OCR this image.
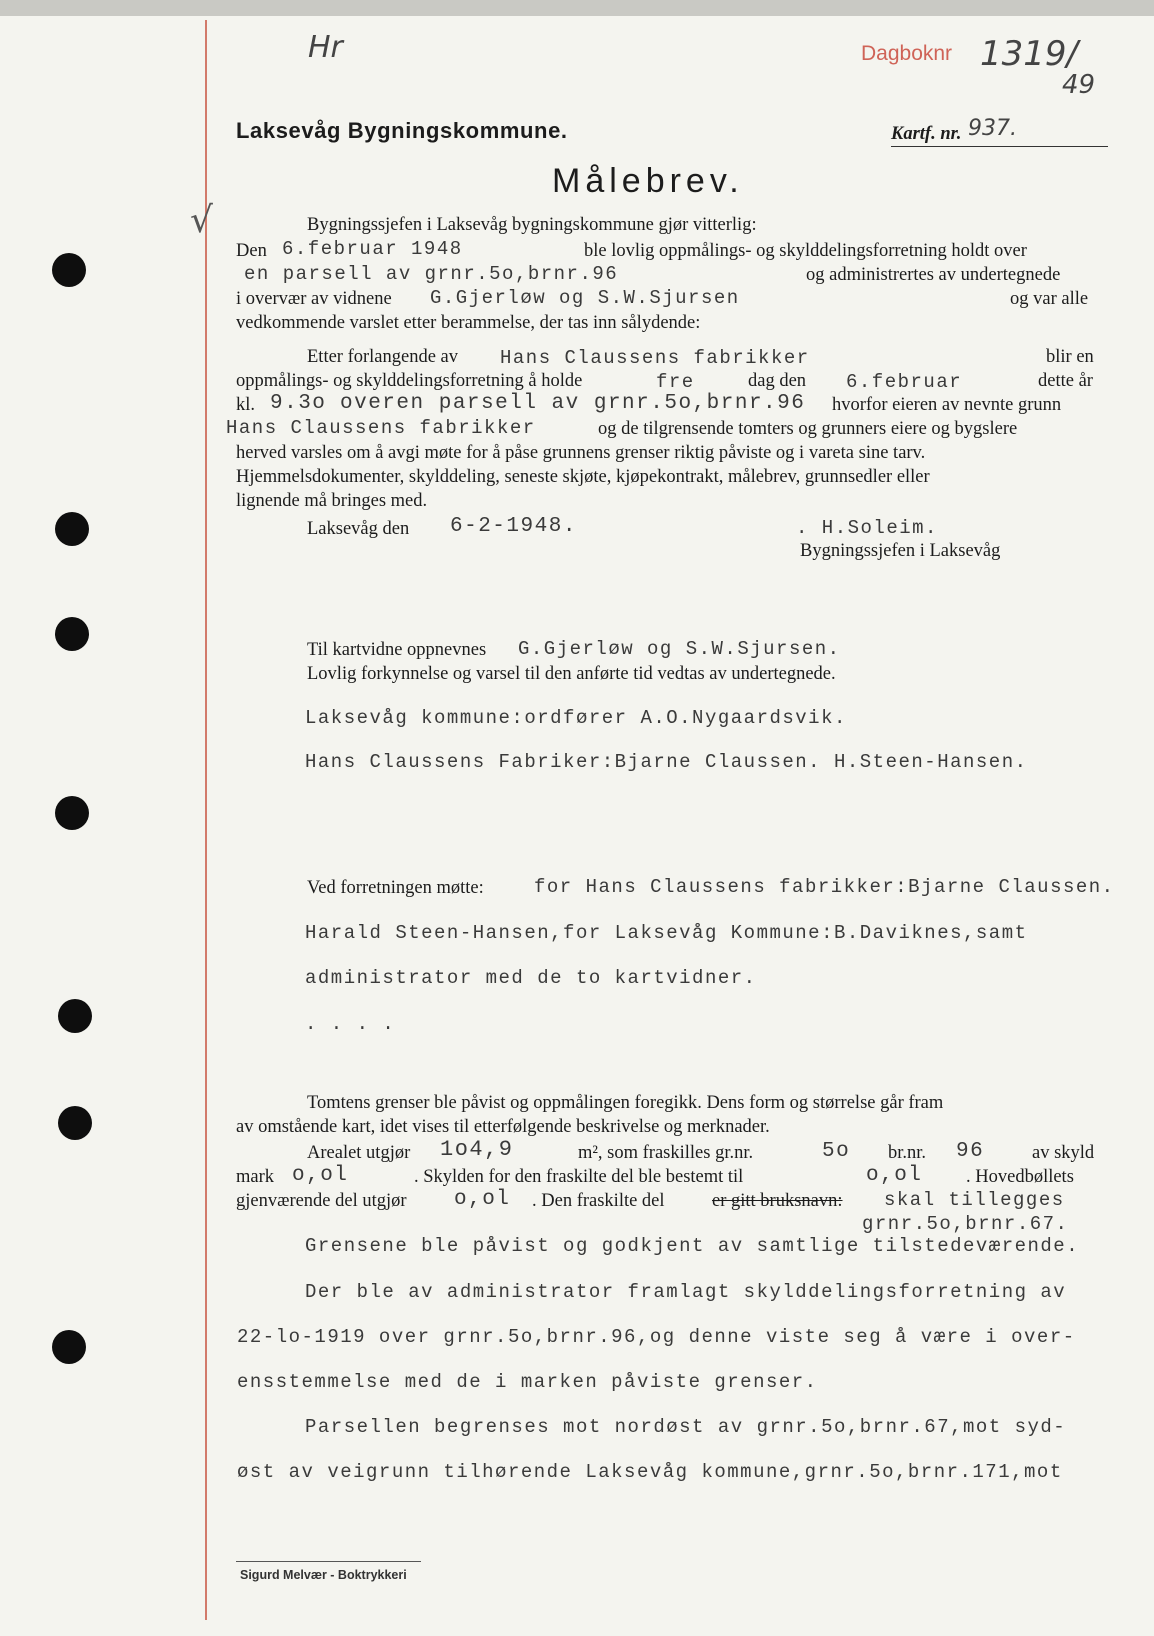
Hr	Dagboknr 1319/
49
Laksevåg Bygningskommune.	Kartf. nr. 937.
Målebrev.
√	Bygningssjefen i Laksevåg bygningskommune gjør vitterlig:
Den 6.februar 1948	ble lovlig oppmålings- og skylddelingsforretning holdt over
en parsell av grnr.5o,brnr.96	og administrertes av undertegnede
i overvær av vidnene G.Gjerløw og S.W.Sjursen	og var alle
vedkommende varslet etter berammelse, der tas inn sålydende:
Etter forlangende av Hans Claussens fabrikker	blir en
oppmålings- og skylddelingsforretning å holde	fre	dag den 6.februar	dette år
kl. 9.3o overen parsell av grnr.5o,brnr.96 hvorfor eieren av nevnte grunn
Hans Claussens fabrikker	og de tilgrensende tomters og grunners eiere og bygslere
herved varsles om å avgi møte for å påse grunnens grenser riktig påviste og i vareta sine tarv.
Hjemmelsdokumenter, skylddeling, seneste skjøte, kjøpekontrakt, målebrev, grunnsedler eller
lignende må bringes med.
Laksevåg den 6-2-1948.	. H.Soleim.
Bygningssjefen i Laksevåg
Til kartvidne oppnevnes G.Gjerløw og S.W.Sjursen.
Lovlig forkynnelse og varsel til den anførte tid vedtas av undertegnede.
Laksevåg kommune:ordfører A.O.Nygaardsvik.
Hans Claussens Fabriker:Bjarne Claussen. H.Steen-Hansen.
Ved forretningen møtte:	for Hans Claussens fabrikker:Bjarne Claussen.
Harald Steen-Hansen,for Laksevåg Kommune:B.Daviknes,samt
administrator med de to kartvidner.
. . . .
Tomtens grenser ble påvist og oppmålingen foregikk. Dens form og størrelse går fram
av omstående kart, idet vises til etterfølgende beskrivelse og merknader.
Arealet utgjør 1o4,9	m², som fraskilles gr.nr.	5o br.nr. 96	av skyld
mark o,ol	. Skylden for den fraskilte del ble bestemt til	o,ol . Hovedbøllets
gjenværende del utgjør o,ol . Den fraskilte del	er gitt bruksnavn: skal tillegges
grnr.5o,brnr.67.
Grensene ble påvist og godkjent av samtlige tilstedeværende.
Der ble av administrator framlagt skylddelingsforretning av
22-lo-1919 over grnr.5o,brnr.96,og denne viste seg å være i over-
ensstemmelse med de i marken påviste grenser.
Parsellen begrenses mot nordøst av grnr.5o,brnr.67,mot syd-
øst av veigrunn tilhørende Laksevåg kommune,grnr.5o,brnr.171,mot
Sigurd Melvær - Boktrykkeri
